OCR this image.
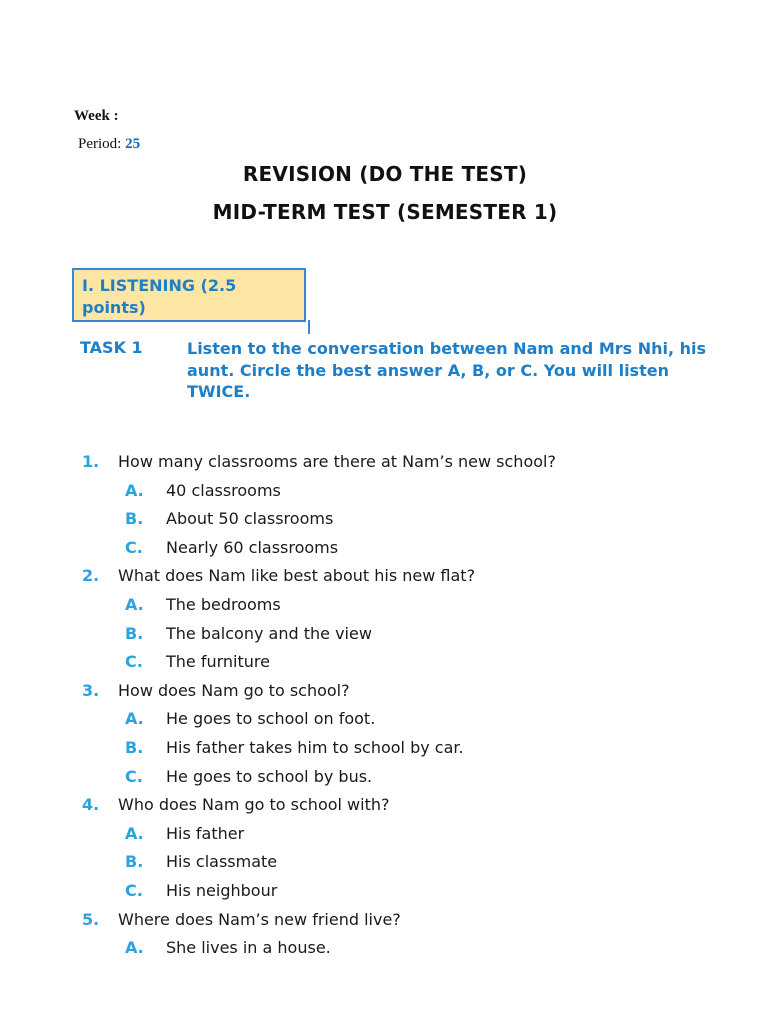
Week :
Period: 25
REVISION (DO THE TEST)
MID-TERM TEST (SEMESTER 1)
I. LISTENING (2.5
points)
TASK 1	Listen to the conversation between Nam and Mrs Nhi, his aunt. Circle the best answer A, B, or C. You will listen TWICE.
1. How many classrooms are there at Nam’s new school?
A. 40 classrooms
B. About 50 classrooms
C. Nearly 60 classrooms
2. What does Nam like best about his new flat?
A. The bedrooms
B. The balcony and the view
C. The furniture
3. How does Nam go to school?
A. He goes to school on foot.
B. His father takes him to school by car.
C. He goes to school by bus.
4. Who does Nam go to school with?
A. His father
B. His classmate
C. His neighbour
5. Where does Nam’s new friend live?
A. She lives in a house.
